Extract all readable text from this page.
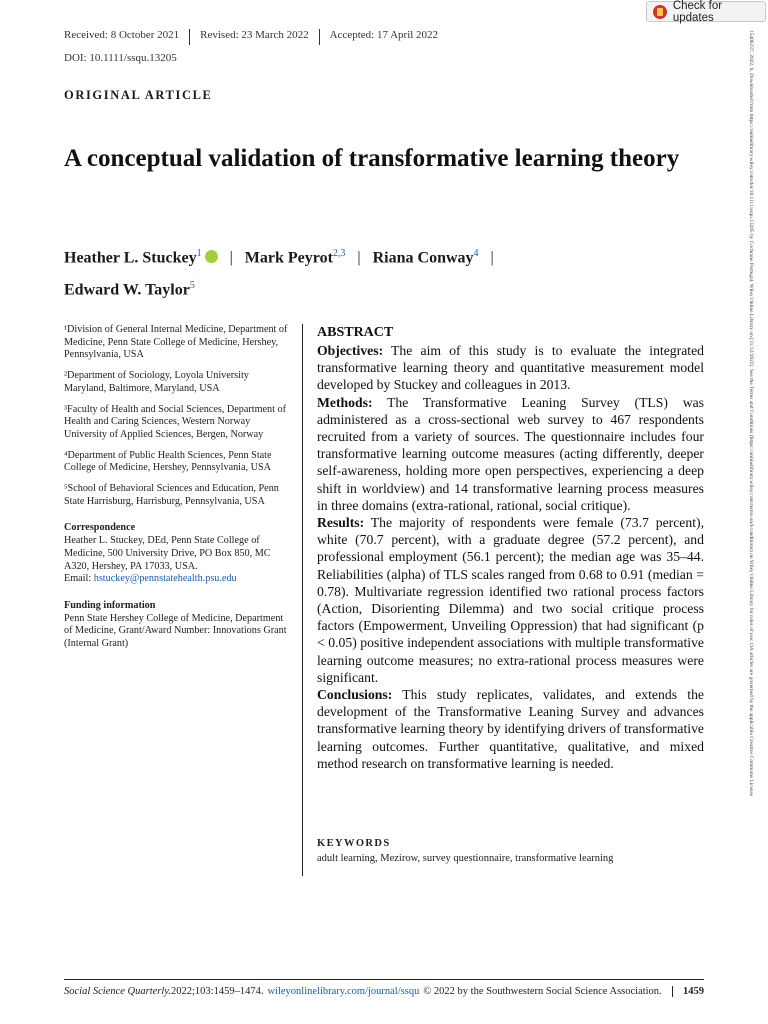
Received: 8 October 2021	Revised: 23 March 2022	Accepted: 17 April 2022
DOI: 10.1111/ssqu.13205
Check for updates
ORIGINAL ARTICLE
A conceptual validation of transformative learning theory
Heather L. Stuckey$^1$ | Mark Peyrot$^{2,3}$ | Riana Conway$^4$ |
Edward W. Taylor$^5$
¹Division of General Internal Medicine, Department of Medicine, Penn State College of Medicine, Hershey, Pennsylvania, USA
²Department of Sociology, Loyola University Maryland, Baltimore, Maryland, USA
³Faculty of Health and Social Sciences, Department of Health and Caring Sciences, Western Norway University of Applied Sciences, Bergen, Norway
⁴Department of Public Health Sciences, Penn State College of Medicine, Hershey, Pennsylvania, USA
⁵School of Behavioral Sciences and Education, Penn State Harrisburg, Harrisburg, Pennsylvania, USA
Correspondence
Heather L. Stuckey, DEd, Penn State College of Medicine, 500 University Drive, PO Box 850, MC A320, Hershey, PA 17033, USA.
Email: hstuckey@pennstatehealth.psu.edu
Funding information
Penn State Hershey College of Medicine, Department of Medicine, Grant/Award Number: Innovations Grant (Internal Grant)
ABSTRACT

Objectives: The aim of this study is to evaluate the integrated transformative learning theory and quantitative measurement model developed by Stuckey and colleagues in 2013.

Methods: The Transformative Leaning Survey (TLS) was administered as a cross-sectional web survey to 467 respondents recruited from a variety of sources. The questionnaire includes four transformative learning outcome measures (acting differently, deeper self-awareness, holding more open perspectives, experiencing a deep shift in worldview) and 14 transformative learning process measures in three domains (extra-rational, rational, social critique).

Results: The majority of respondents were female (73.7 percent), white (70.7 percent), with a graduate degree (57.2 percent), and professional employment (56.1 percent); the median age was 35–44. Reliabilities (alpha) of TLS scales ranged from 0.68 to 0.91 (median = 0.78). Multivariate regression identified two rational process factors (Action, Disorienting Dilemma) and two social critique process factors (Empowerment, Unveiling Oppression) that had significant (p < 0.05) positive independent associations with multiple transformative learning outcome measures; no extra-rational process measures were significant.

Conclusions: This study replicates, validates, and extends the development of the Transformative Leaning Survey and advances transformative learning theory by identifying drivers of transformative learning outcomes. Further quantitative, qualitative, and mixed method research on transformative learning is needed.

KEYWORDS
adult learning, Mezirow, survey questionnaire, transformative learning
Social Science Quarterly. 2022;103:1459–1474. wileyonlinelibrary.com/journal/ssqu © 2022 by the Southwestern Social Science Association.	1459
15406237, 2022, 6, Downloaded from https://onlinelibrary.wiley.com/doi/10.1111/ssqu.13205 by Cochrane Portugal, Wiley Online Library on [31/12/2022]. See the Terms and Conditions (https://onlinelibrary.wiley.com/terms-and-conditions) on Wiley Online Library for rules of use; OA articles are governed by the applicable Creative Commons License
